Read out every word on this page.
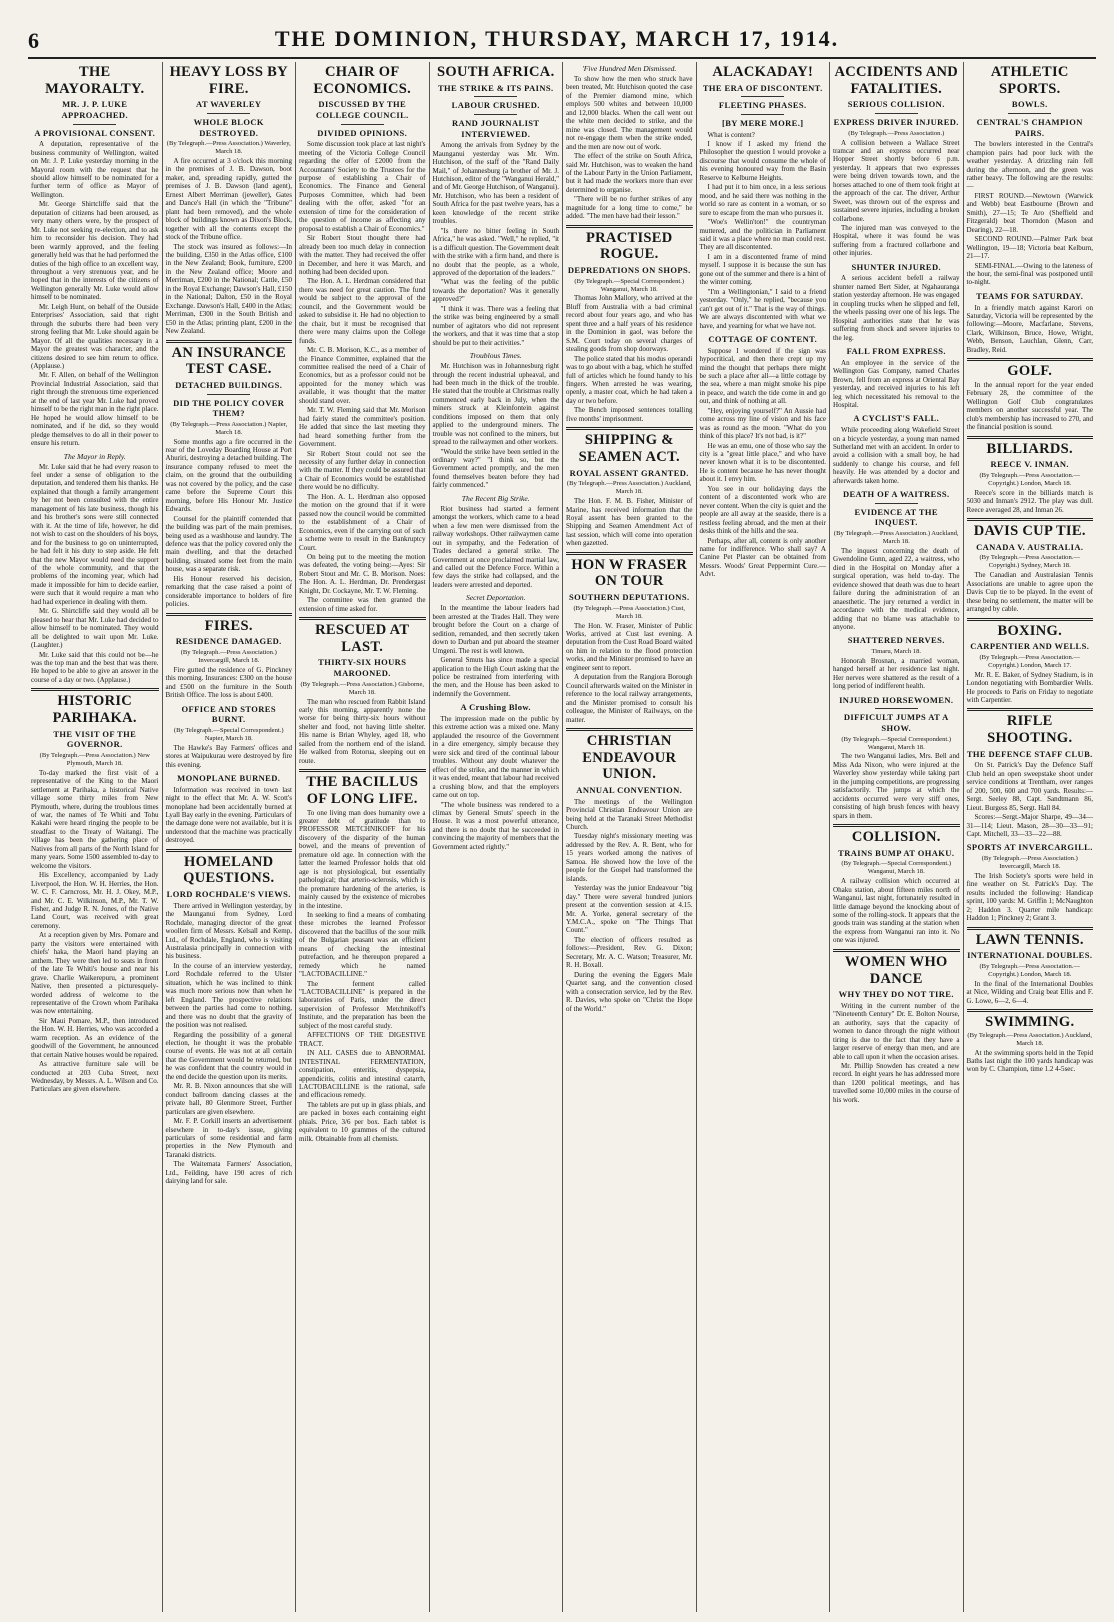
6	THE DOMINION, THURSDAY, MARCH 17, 1914.
THE MAYORALTY.
MR. J. P. LUKE APPROACHED.
A PROVISIONAL CONSENT.

A deputation, representative of the business community of Wellington, waited on Mr. J. P. Luke yesterday morning in the Mayoral room with the request that he should allow himself to be nominated for a further term of office as Mayor of Wellington.

Mr. George Shirtcliffe said that the deputation of citizens had been aroused, as very many others were, by the prospect of Mr. Luke not seeking re-election, and to ask him to reconsider his decision. They had been warmly approved, and the feeling generally held was that he had performed the duties of the high office to an excellent way, throughout a very strenuous year, and he hoped that in the interests of the citizens of Wellington generally Mr. Luke would allow himself to be nominated.

Mr. Leigh Hunt, on behalf of the Outside Enterprises' Association, said that right through the suburbs there had been very strong feeling that Mr. Luke should again be Mayor. Of all the qualities necessary in a Mayor the greatest was character, and the citizens desired to see him return to office. (Applause.)

Mr. F. Allen, on behalf of the Wellington Provincial Industrial Association, said that right through the strenuous time experienced at the end of last year Mr. Luke had proved himself to be the right man in the right place. He hoped he would allow himself to be nominated, and if he did, so they would pledge themselves to do all in their power to ensure his return.

The Mayor in Reply.

Mr. Luke said that he had every reason to feel under a sense of obligation to the deputation, and tendered them his thanks. He explained that though a family arrangement by her not been consulted with the entire management of his late business, though his and his brother's sons were still connected with it. At the time of life, however, he did not wish to cast on the shoulders of his boys, and for the business to go on uninterrupted, he had felt it his duty to step aside. He felt that the new Mayor would need the support of the whole community, and that the problems of the incoming year, which had made it impossible for him to decide earlier, were such that it would require a man who had had experience in dealing with them.

Mr. G. Shirtcliffe said they would all be pleased to hear that Mr. Luke had decided to allow himself to be nominated. They would all be delighted to wait upon Mr. Luke. (Laughter.)

Mr. Luke said that this could not be—he was the top man and the best that was there. He hoped to be able to give an answer in the course of a day or two. (Applause.)

HISTORIC PARIHAKA.
THE VISIT OF THE GOVERNOR.
(By Telegraph.—Press Association.) New Plymouth, March 18.

To-day marked the first visit of a representative of the King to the Maori settlement at Parihaka, a historical Native village some thirty miles from New Plymouth, where, during the troublous times of war, the names of Te Whiti and Tohu Kakahi were heard ringing the people to be steadfast to the Treaty of Waitangi. The village has been the gathering place of Natives from all parts of the North Island for many years. Some 1500 assembled to-day to welcome the visitors.

His Excellency, accompanied by Lady Liverpool, the Hon. W. H. Herries, the Hon. W. C. F. Carncross, Mr. H. J. Okey, M.P., and Mr. C. E. Wilkinson, M.P., Mr. T. W. Fisher, and Judge R. N. Jones, of the Native Land Court, was received with great ceremony.

At a reception given by Mrs. Pomare and party the visitors were entertained with chiefs' haka, the Maori hand playing an anthem. They were then led to seats in front of the late Te Whiti's house and near his grave. Charlie Waikerepuru, a prominent Native, then presented a picturesquely-worded address of welcome to the representative of the Crown whom Parihaka was now entertaining.

Sir Maui Pomare, M.P., then introduced the Hon. W. H. Herries, who was accorded a warm reception. As an evidence of the goodwill of the Government, he announced that certain Native houses would be repaired.

As attractive furniture sale will be conducted at 203 Cuba Street, next Wednesday, by Messrs. A. L. Wilson and Co. Particulars are given elsewhere.

HEAVY LOSS BY FIRE.
AT WAVERLEY
WHOLE BLOCK DESTROYED.
(By Telegraph.—Press Association.) Waverley, March 18.

A fire occurred at 3 o'clock this morning in the premises of J. B. Dawson, boot maker, and, spreading rapidly, gutted the premises of J. B. Dawson (land agent), Ernest Albert Merriman (jeweller), Gates and Dance's Hall (in which the "Tribune" plant had been removed), and the whole block of buildings known as Dixon's Block, together with all the contents except the stock of the Tribune office.

The stock was insured as follows:—In the building, £350 in the Atlas office, £100 in the New Zealand; Book, furniture, £200 in the New Zealand office; Moore and Merriman, £200 in the National; Cattle, £50 in the Royal Exchange; Dawson's Hall, £150 in the National; Dalton, £50 in the Royal Exchange. Dawson's Hall, £400 in the Atlas; Merriman, £300 in the South British and £50 in the Atlas; printing plant, £200 in the New Zealand.

AN INSURANCE TEST CASE.
DETACHED BUILDINGS.
DID THE POLICY COVER THEM?
(By Telegraph.—Press Association.) Napier, March 18.

Some months ago a fire occurred in the rear of the Loveday Boarding House at Port Ahuriri, destroying a detached building. The insurance company refused to meet the claim, on the ground that the outbuilding was not covered by the policy, and the case came before the Supreme Court this morning, before His Honour Mr. Justice Edwards.

Counsel for the plaintiff contended that the building was part of the main premises, being used as a washhouse and laundry. The defence was that the policy covered only the main dwelling, and that the detached building, situated some feet from the main house, was a separate risk.

His Honour reserved his decision, remarking that the case raised a point of considerable importance to holders of fire policies.

FIRES.
RESIDENCE DAMAGED.
(By Telegraph.—Press Association.) Invercargill, March 18.

Fire gutted the residence of G. Pinckney this morning. Insurances: £300 on the house and £500 on the furniture in the South British Office. The loss is about £400.

OFFICE AND STORES BURNT.
(By Telegraph.—Special Correspondent.) Napier, March 18.

The Hawke's Bay Farmers' offices and stores at Waipukurau were destroyed by fire this evening.

MONOPLANE BURNED.

Information was received in town last night to the effect that Mr. A. W. Scott's monoplane had been accidentally burned at Lyall Bay early in the evening. Particulars of the damage done were not available, but it is understood that the machine was practically destroyed.

HOMELAND QUESTIONS.
LORD ROCHDALE'S VIEWS.

There arrived in Wellington yesterday, by the Maunganui from Sydney, Lord Rochdale, managing director of the great woollen firm of Messrs. Kelsall and Kemp, Ltd., of Rochdale, England, who is visiting Australasia principally in connection with his business.

In the course of an interview yesterday, Lord Rochdale referred to the Ulster situation, which he was inclined to think was much more serious now than when he left England. The prospective relations between the parties had come to nothing, and there was no doubt that the gravity of the position was not realised.

Regarding the possibility of a general election, he thought it was the probable course of events. He was not at all certain that the Government would be returned, but he was confident that the country would in the end decide the question upon its merits.

Mr. R. B. Nixon announces that she will conduct ballroom dancing classes at the private hall, 80 Glenmore Street, Further particulars are given elsewhere.

Mr. F. P. Corkill inserts an advertisement elsewhere in to-day's issue, giving particulars of some residential and farm properties in the New Plymouth and Taranaki districts.

The Waitemata Farmers' Association, Ltd., Feilding, have 190 acres of rich dairying land for sale.

CHAIR OF ECONOMICS.
DISCUSSED BY THE COLLEGE COUNCIL.
DIVIDED OPINIONS.

Some discussion took place at last night's meeting of the Victoria College Council regarding the offer of £2000 from the Accountants' Society to the Trustees for the purpose of establishing a Chair of Economics. The Finance and General Purposes Committee, which had been dealing with the offer, asked "for an extension of time for the consideration of the question of income as affecting any proposal to establish a Chair of Economics."

Sir Robert Stout thought there had already been too much delay in connection with the matter. They had received the offer in December, and here it was March, and nothing had been decided upon.

The Hon. A. L. Herdman considered that there was need for great caution. The fund would be subject to the approval of the council, and the Government would be asked to subsidise it. He had no objection to the chair, but it must be recognised that there were many claims upon the College funds.

Mr. C. B. Morison, K.C., as a member of the Finance Committee, explained that the committee realised the need of a Chair of Economics, but as a professor could not be appointed for the money which was available, it was thought that the matter should stand over.

Mr. T. W. Fleming said that Mr. Morison had fairly stated the committee's position. He added that since the last meeting they had heard something further from the Government.

Sir Robert Stout could not see the necessity of any further delay in connection with the matter. If they could be assured that a Chair of Economics would be established there would be no difficulty.

The Hon. A. L. Herdman also opposed the motion on the ground that if it were passed now the council would be committed to the establishment of a Chair of Economics, even if the carrying out of such a scheme were to result in the Bankruptcy Court.

On being put to the meeting the motion was defeated, the voting being:—Ayes: Sir Robert Stout and Mr. C. B. Morison. Noes: The Hon. A. L. Herdman, Dr. Prendergast Knight, Dr. Cockayne, Mr. T. W. Fleming.

The committee was then granted the extension of time asked for.

RESCUED AT LAST.
THIRTY-SIX HOURS MAROONED.
(By Telegraph.—Press Association.) Gisborne, March 18.

The man who rescued from Rabbit Island early this morning, apparently none the worse for being thirty-six hours without shelter and food, not having little shelter. His name is Brian Whyley, aged 18, who sailed from the northern end of the island. He walked from Rotorua, sleeping out en route.

THE BACILLUS OF LONG LIFE.

To one living man does humanity owe a greater debt of gratitude than to PROFESSOR METCHNIKOFF for his discovery of the disparity of the human bowel, and the means of prevention of premature old age. In connection with the latter the learned Professor holds that old age is not physiological, but essentially pathological; that arterio-sclerosis, which is the premature hardening of the arteries, is mainly caused by the existence of microbes in the intestine.

In seeking to find a means of combating these microbes the learned Professor discovered that the bacillus of the sour milk of the Bulgarian peasant was an efficient means of checking the intestinal putrefaction, and he thereupon prepared a remedy which he named "LACTOBACILLINE."

The ferment called "LACTOBACILLINE" is prepared in the laboratories of Paris, under the direct supervision of Professor Metchnikoff's Institute, and the preparation has been the subject of the most careful study.

AFFECTIONS OF THE DIGESTIVE TRACT.

IN ALL CASES due to ABNORMAL INTESTINAL FERMENTATION, constipation, enteritis, dyspepsia, appendicitis, colitis and intestinal catarrh, LACTOBACILLINE is the rational, safe and efficacious remedy.

The tablets are put up in glass phials, and are packed in boxes each containing eight phials. Price, 3/6 per box. Each tablet is equivalent to 10 grammes of the cultured milk. Obtainable from all chemists.

SOUTH AFRICA.
THE STRIKE & ITS PAINS.
LABOUR CRUSHED.
RAND JOURNALIST INTERVIEWED.

Among the arrivals from Sydney by the Maunganui yesterday was Mr. Wm. Hutchison, of the staff of the "Rand Daily Mail," of Johannesburg (a brother of Mr. J. Hutchison, editor of the "Wanganui Herald," and of Mr. George Hutchison, of Wanganui). Mr. Hutchison, who has been a resident of South Africa for the past twelve years, has a keen knowledge of the recent strike troubles.

"Is there no bitter feeling in South Africa," he was asked. "Well," he replied, "it is a difficult question. The Government dealt with the strike with a firm hand, and there is no doubt that the people, as a whole, approved of the deportation of the leaders."

"What was the feeling of the public towards the deportation? Was it generally approved?"

"I think it was. There was a feeling that the strike was being engineered by a small number of agitators who did not represent the workers, and that it was time that a stop should be put to their activities."

Troublous Times.

Mr. Hutchison was in Johannesburg right through the recent industrial upheaval, and had been much in the thick of the trouble. He stated that the trouble at Christmas really commenced early back in July, when the miners struck at Kleinfontein against conditions imposed on them that only applied to the underground miners. The trouble was not confined to the miners, but spread to the railwaymen and other workers.

"Would the strike have been settled in the ordinary way?" "I think so, but the Government acted promptly, and the men found themselves beaten before they had fairly commenced."

The Recent Big Strike.

Riot business had started a ferment amongst the workers, which came to a head when a few men were dismissed from the railway workshops. Other railwaymen came out in sympathy, and the Federation of Trades declared a general strike. The Government at once proclaimed martial law, and called out the Defence Force. Within a few days the strike had collapsed, and the leaders were arrested and deported.

Secret Deportation.

In the meantime the labour leaders had been arrested at the Trades Hall. They were brought before the Court on a charge of sedition, remanded, and then secretly taken down to Durban and put aboard the steamer Umgeni. The rest is well known.

General Smuts has since made a special application to the High Court asking that the police be restrained from interfering with the men, and the House has been asked to indemnify the Government.

A Crushing Blow.

The impression made on the public by this extreme action was a mixed one. Many applauded the resource of the Government in a dire emergency, simply because they were sick and tired of the continual labour troubles. Without any doubt whatever the effect of the strike, and the manner in which it was ended, meant that labour had received a crushing blow, and that the employers came out on top.

"The whole business was rendered to a climax by General Smuts' speech in the House. It was a most powerful utterance, and there is no doubt that he succeeded in convincing the majority of members that the Government acted rightly."

'Five Hundred Men Dismissed.

To show how the men who struck have been treated, Mr. Hutchison quoted the case of the Premier diamond mine, which employs 500 whites and between 10,000 and 12,000 blacks. When the call went out the white men decided to strike, and the mine was closed. The management would not re-engage them when the strike ended, and the men are now out of work.

The effect of the strike on South Africa, said Mr. Hutchison, was to weaken the hand of the Labour Party in the Union Parliament, but it had made the workers more than ever determined to organise.

"There will be no further strikes of any magnitude for a long time to come," he added. "The men have had their lesson."

PRACTISED ROGUE.
DEPREDATIONS ON SHOPS.
(By Telegraph.—Special Correspondent.) Wanganui, March 18.

Thomas John Mallory, who arrived at the Bluff from Australia with a bad criminal record about four years ago, and who has spent three and a half years of his residence in the Dominion in gaol, was before the S.M. Court today on several charges of stealing goods from shop doorways.

The police stated that his modus operandi was to go about with a bag, which he stuffed full of articles which he found handy to his fingers. When arrested he was wearing, openly, a master coat, which he had taken a day or two before.

The Bench imposed sentences totalling five months' imprisonment.

SHIPPING & SEAMEN ACT.
ROYAL ASSENT GRANTED.
(By Telegraph.—Press Association.) Auckland, March 18.

The Hon. F. M. B. Fisher, Minister of Marine, has received information that the Royal assent has been granted to the Shipping and Seamen Amendment Act of last session, which will come into operation when gazetted.

HON W FRASER ON TOUR
SOUTHERN DEPUTATIONS.
(By Telegraph.—Press Association.) Cust, March 18.

The Hon. W. Fraser, Minister of Public Works, arrived at Cust last evening. A deputation from the Cust Road Board waited on him in relation to the flood protection works, and the Minister promised to have an engineer sent to report.

A deputation from the Rangiora Borough Council afterwards waited on the Minister in reference to the local railway arrangements, and the Minister promised to consult his colleague, the Minister of Railways, on the matter.

CHRISTIAN ENDEAVOUR UNION.
ANNUAL CONVENTION.

The meetings of the Wellington Provincial Christian Endeavour Union are being held at the Taranaki Street Methodist Church.

Tuesday night's missionary meeting was addressed by the Rev. A. R. Bent, who for 15 years worked among the natives of Samoa. He showed how the love of the people for the Gospel had transformed the islands.

Yesterday was the junior Endeavour "big day." There were several hundred juniors present at the convention session at 4.15. Mr. A. Yorke, general secretary of the Y.M.C.A., spoke on "The Things That Count."

The election of officers resulted as follows:—President, Rev. G. Dixon; Secretary, Mr. A. C. Watson; Treasurer, Mr. R. H. Boxall.

During the evening the Eggers Male Quartet sang, and the convention closed with a consecration service, led by the Rev. R. Davies, who spoke on "Christ the Hope of the World."

ALACKADAY!
THE ERA OF DISCONTENT.
FLEETING PHASES.
[BY MERE MORE.]

What is content?

I know if I asked my friend the Philosopher the question I would provoke a discourse that would consume the whole of his evening honoured way from the Basin Reserve to Kelburne Heights.

I had put it to him once, in a less serious mood, and he said there was nothing in the world so rare as content in a woman, or so sure to escape from the man who pursues it.

"Woe's Wellin'ton!" the countryman muttered, and the politician in Parliament said it was a place where no man could rest. They are all discontented.

I am in a discontented frame of mind myself. I suppose it is because the sun has gone out of the summer and there is a hint of the winter coming.

"I'm a Wellingtonian," I said to a friend yesterday. "Only," he replied, "because you can't get out of it." That is the way of things. We are always discontented with what we have, and yearning for what we have not.

COTTAGE OF CONTENT.

Suppose I wondered if the sign was hypocritical, and then there crept up my mind the thought that perhaps there might be such a place after all—a little cottage by the sea, where a man might smoke his pipe in peace, and watch the tide come in and go out, and think of nothing at all.

"Hey, enjoying yourself?" An Aussie had come across my line of vision and his face was as round as the moon. "What do you think of this place? It's not bad, is it?"

He was an emu, one of those who say the city is a "great little place," and who have never known what it is to be discontented. He is content because he has never thought about it. I envy him.

You see in our holidaying days the content of a discontented work who are never content. When the city is quiet and the people are all away at the seaside, there is a restless feeling abroad, and the men at their desks think of the hills and the sea.

Perhaps, after all, content is only another name for indifference. Who shall say? A Canine Pet Plaster can be obtained from Messrs. Woods' Great Peppermint Cure.—Advt.

ACCIDENTS AND FATALITIES.
SERIOUS COLLISION.
EXPRESS DRIVER INJURED.
(By Telegraph.—Press Association.)

A collision between a Wallace Street tramcar and an express occurred near Hopper Street shortly before 6 p.m. yesterday. It appears that two expresses were being driven towards town, and the horses attached to one of them took fright at the approach of the car. The driver, Arthur Sweet, was thrown out of the express and sustained severe injuries, including a broken collarbone.

The injured man was conveyed to the Hospital, where it was found he was suffering from a fractured collarbone and other injuries.

SHUNTER INJURED.

A serious accident befell a railway shunter named Bert Sider, at Ngahauranga station yesterday afternoon. He was engaged in coupling trucks when he slipped and fell, the wheels passing over one of his legs. The Hospital authorities state that he was suffering from shock and severe injuries to the leg.

FALL FROM EXPRESS.

An employee in the service of the Wellington Gas Company, named Charles Brown, fell from an express at Oriental Bay yesterday, and received injuries to his left leg which necessitated his removal to the Hospital.

A CYCLIST'S FALL.

While proceeding along Wakefield Street on a bicycle yesterday, a young man named Sutherland met with an accident. In order to avoid a collision with a small boy, he had suddenly to change his course, and fell heavily. He was attended by a doctor and afterwards taken home.

DEATH OF A WAITRESS.
EVIDENCE AT THE INQUEST.
(By Telegraph.—Press Association.) Auckland, March 18.

The inquest concerning the death of Gwendoline Gunn, aged 22, a waitress, who died in the Hospital on Monday after a surgical operation, was held to-day. The evidence showed that death was due to heart failure during the administration of an anaesthetic. The jury returned a verdict in accordance with the medical evidence, adding that no blame was attachable to anyone.

SHATTERED NERVES.
Timaru, March 18.

Honorah Brosnan, a married woman, hanged herself at her residence last night. Her nerves were shattered as the result of a long period of indifferent health.

INJURED HORSEWOMEN.
DIFFICULT JUMPS AT A SHOW.
(By Telegraph.—Special Correspondent.) Wanganui, March 18.

The two Wanganui ladies, Mrs. Bell and Miss Ada Nixon, who were injured at the Waverley show yesterday while taking part in the jumping competitions, are progressing satisfactorily. The jumps at which the accidents occurred were very stiff ones, consisting of high brush fences with heavy spars in them.

COLLISION.
TRAINS BUMP AT OHAKU.
(By Telegraph.—Special Correspondent.) Wanganui, March 18.

A railway collision which occurred at Ohaku station, about fifteen miles north of Wanganui, last night, fortunately resulted in little damage beyond the knocking about of some of the rolling-stock. It appears that the goods train was standing at the station when the express from Wanganui ran into it. No one was injured.

WOMEN WHO DANCE
WHY THEY DO NOT TIRE.

Writing in the current number of the "Nineteenth Century" Dr. E. Bolton Nourse, an authority, says that the capacity of women to dance through the night without tiring is due to the fact that they have a larger reserve of energy than men, and are able to call upon it when the occasion arises.

Mr. Phillip Snowden has created a new record. In eight years he has addressed more than 1200 political meetings, and has travelled some 10,000 miles in the course of his work.

ATHLETIC SPORTS.
BOWLS.
CENTRAL'S CHAMPION PAIRS.

The bowlers interested in the Central's champion pairs had poor luck with the weather yesterday. A drizzling rain fell during the afternoon, and the green was rather heavy. The following are the results:—

FIRST ROUND.—Newtown (Warwick and Webb) beat Eastbourne (Brown and Smith), 27—15; Te Aro (Sheffield and Fitzgerald) beat Thorndon (Mason and Dearing), 22—18.

SECOND ROUND.—Palmer Park beat Wellington, 19—18; Victoria beat Kelburn, 21—17.

SEMI-FINAL.—Owing to the lateness of the hour, the semi-final was postponed until to-night.

TEAMS FOR SATURDAY.

In a friendly match against Karori on Saturday, Victoria will be represented by the following:—Moore, Macfarlane, Stevens, Clark, Wilkinson, Bruce, Howe, Wright, Webb, Benson, Lauchlan, Glenn, Carr, Bradley, Reid.

GOLF.

In the annual report for the year ended February 28, the committee of the Wellington Golf Club congratulates members on another successful year. The club's membership has increased to 270, and the financial position is sound.

BILLIARDS.
REECE V. INMAN.
(By Telegraph.—Press Association.—Copyright.) London, March 18.

Reece's score in the billiards match is 5030 and Inman's 2912. The play was dull. Reece averaged 28, and Inman 26.

DAVIS CUP TIE.
CANADA V. AUSTRALIA.
(By Telegraph.—Press Association.—Copyright.) Sydney, March 18.

The Canadian and Australasian Tennis Associations are unable to agree upon the Davis Cup tie to be played. In the event of these being no settlement, the matter will be arranged by cable.

BOXING.
CARPENTIER AND WELLS.
(By Telegraph.—Press Association.—Copyright.) London, March 17.

Mr. R. E. Baker, of Sydney Stadium, is in London negotiating with Bombardier Wells. He proceeds to Paris on Friday to negotiate with Carpentier.

RIFLE SHOOTING.
THE DEFENCE STAFF CLUB.

On St. Patrick's Day the Defence Staff Club held an open sweepstake shoot under service conditions at Trentham, over ranges of 200, 500, 600 and 700 yards. Results:—Sergt. Seeley 88, Capt. Sandtmann 86, Lieut. Burgess 85, Sergt. Hall 84.

Scores:—Sergt.-Major Sharpe, 49—34—31—114; Lieut. Mason, 28—30—33—91; Capt. Mitchell, 33—33—22—88.

SPORTS AT INVERCARGILL.
(By Telegraph.—Press Association.) Invercargill, March 18.

The Irish Society's sports were held in fine weather on St. Patrick's Day. The results included the following: Handicap sprint, 100 yards: M. Griffin 1; McNaughton 2; Haddon 3. Quarter mile handicap: Haddon 1; Pinckney 2; Grant 3.

LAWN TENNIS.
INTERNATIONAL DOUBLES.
(By Telegraph.—Press Association.—Copyright.) London, March 18.

In the final of the International Doubles at Nice, Wilding and Craig beat Ellis and F. G. Lowe, 6—2, 6—4.

SWIMMING.
(By Telegraph.—Press Association.) Auckland, March 18.

At the swimming sports held in the Tepid Baths last night the 100 yards handicap was won by C. Champion, time 1.2 4-5sec.
